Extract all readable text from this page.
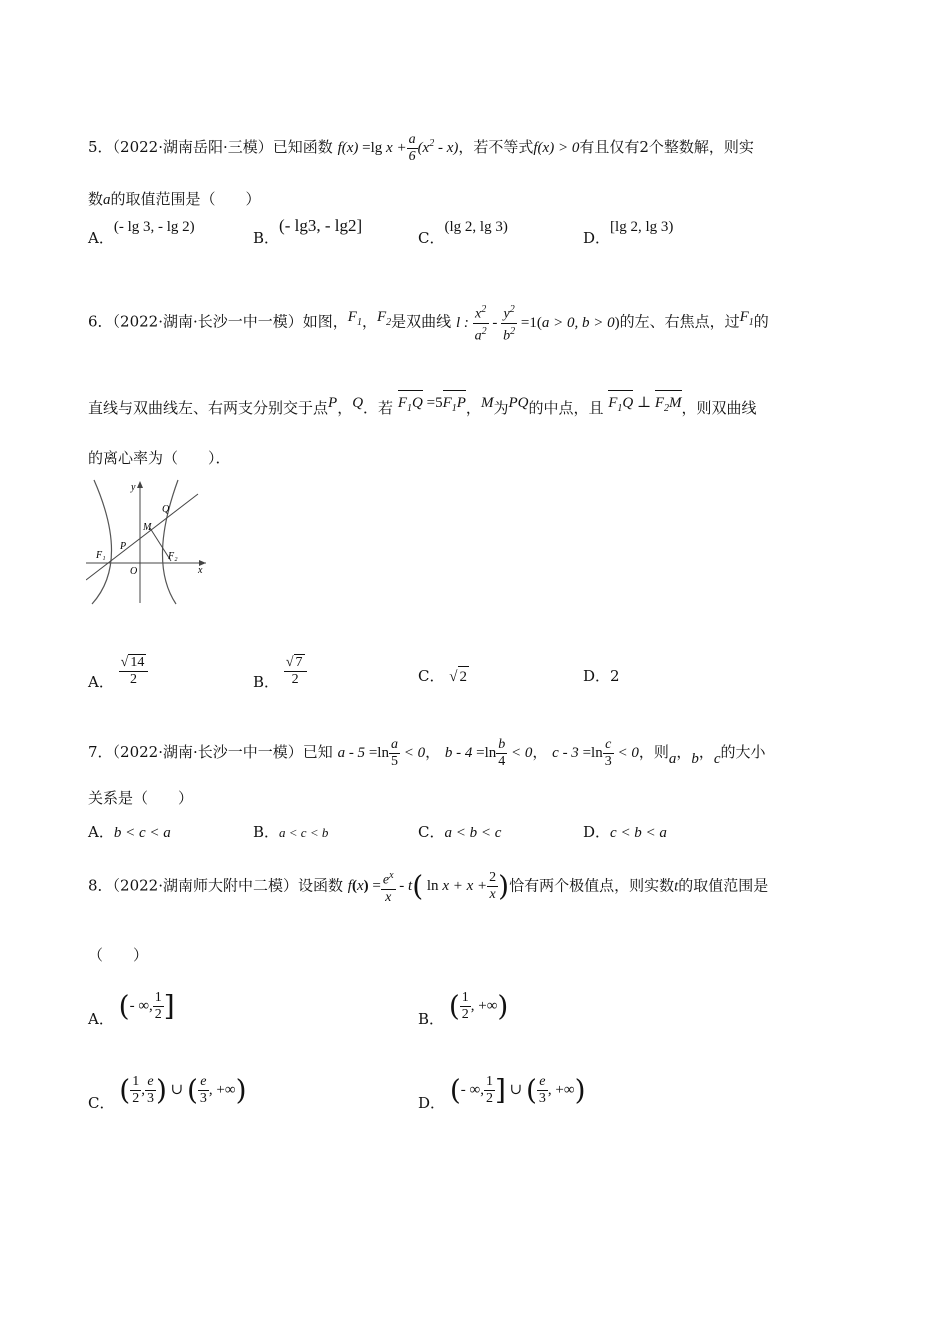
5．（2022·湖南岳阳·三模）已知函数 f(x) =lg $x + \frac{a}{6} (x^2 - x)$，若不等式f(x) > 0有且仅有2个整数解，则实
数a的取值范围是（　　）
A．(- lg 3, - lg 2)
B．(- lg3, - lg2]
C．(lg 2, lg 3)
D．[lg 2, lg 3)
6．（2022·湖南·长沙一中一模）如图，$F_1$，$F_2$是双曲线 l : $\frac{x^2}{a^2} - \frac{y^2}{b^2} =1(a > 0$, b > 0)的左、右焦点，过$F_1$的
直线与双曲线左、右两支分别交于点P，Q．若 $F_1Q =5F_1P$，M为PQ的中点，且 $F_1Q$ ⊥ $F_2M$，则双曲线
的离心率为（　　）．
y
x
O
F₁	F₂
P
Q
M
A． $\frac{√ 14}{2}$	B． $\frac{√ 7}{2}$	C． √ 2	D．2
7．（2022·湖南·长沙一中一模）已知 $a - 5 =\ln \frac{a}{5} < 0$， $b - 4 =\ln \frac{b}{4} < 0$， $c - 3 =\ln \frac{c}{3} < 0$，则a，b，c的大小
关系是（　　）
A．b < c < a	B．a < c < b	C．a < b < c	D．c < b < a
8．（2022·湖南师大附中二模）设函数 $f(x) = \frac{e^x}{x} - t$( $\ln x + x + \frac{2}{x}$ )恰有两个极值点，则实数t的取值范围是
（　　）
A． (- ∞, $\frac{1}{2}$ ]	B． ( $\frac{1}{2}$ , +∞)
C． ( $\frac{1}{2}$ , $\frac{e}{3}$ ) ∪ ( $\frac{e}{3}$ , +∞)	D． (- ∞, $\frac{1}{2}$ ] ∪ ( $\frac{e}{3}$ , +∞)
